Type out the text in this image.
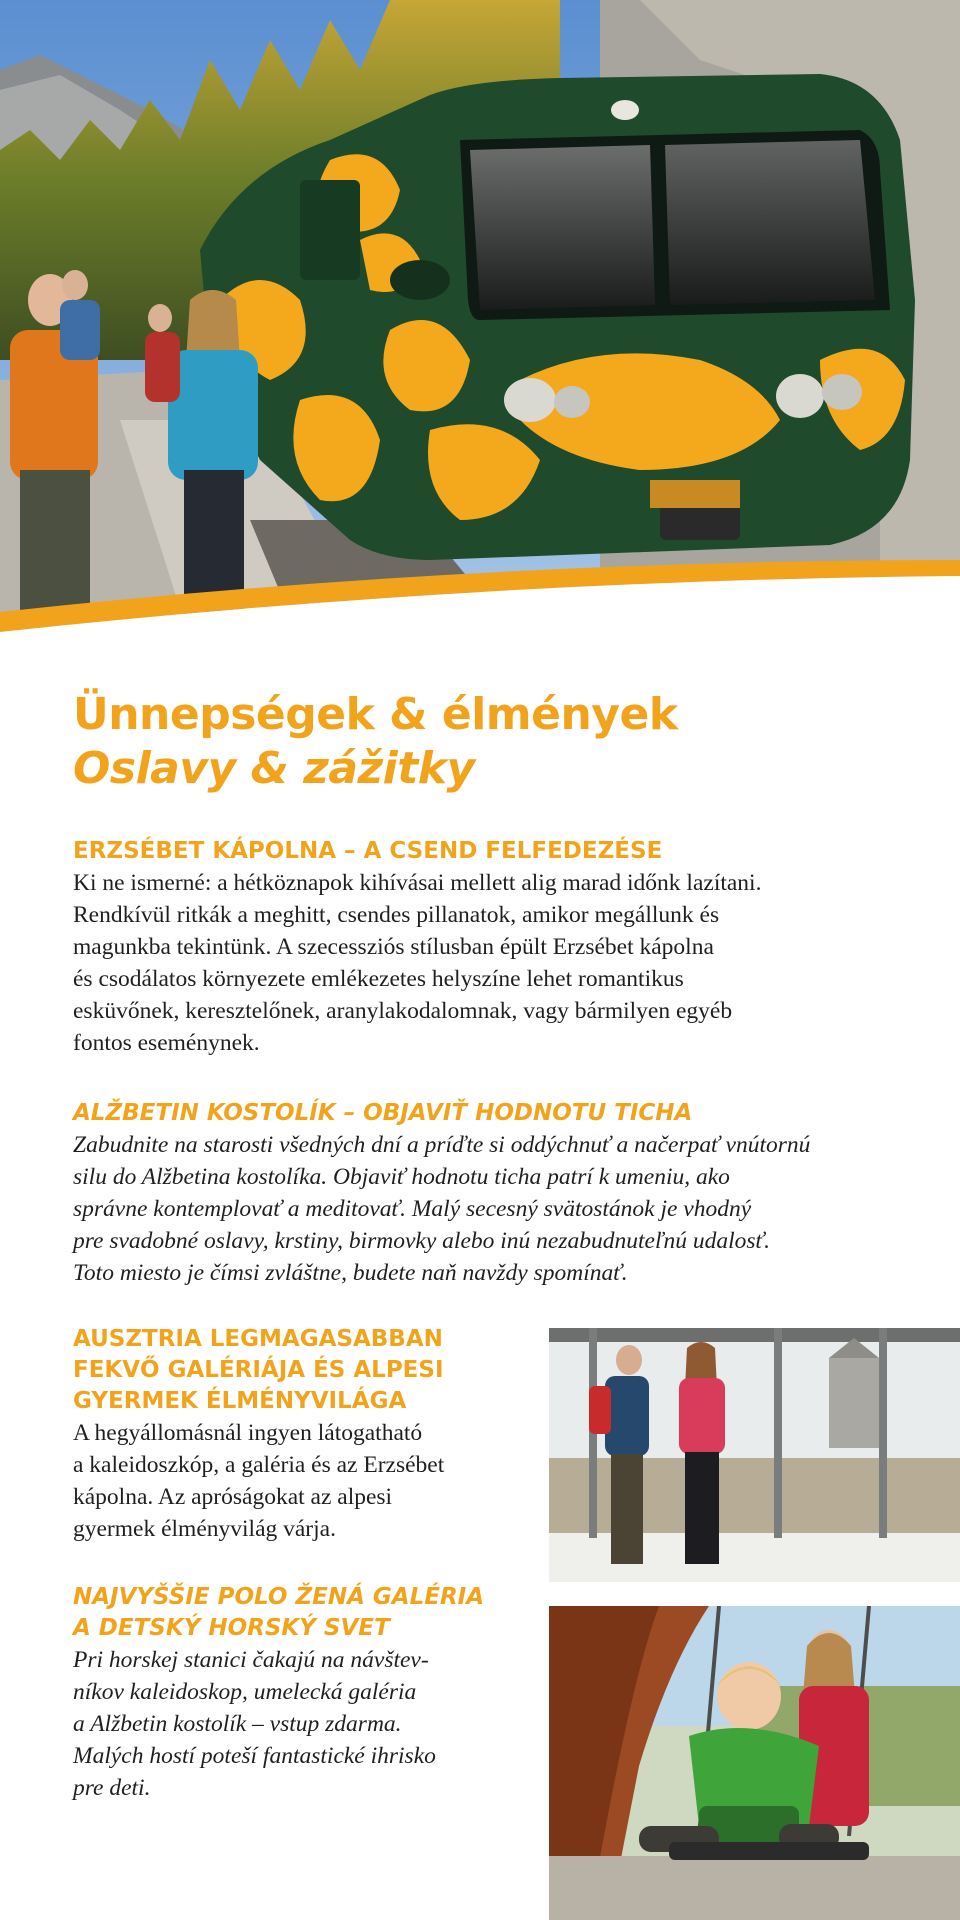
Ünnepségek & élmények
Oslavy & zážitky
ERZSÉBET KÁPOLNA – A CSEND FELFEDEZÉSE

Ki ne ismerné: a hétköznapok kihívásai mellett alig marad időnk lazítani.
Rendkívül ritkák a meghitt, csendes pillanatok, amikor megállunk és
magunkba tekintünk. A szecessziós stílusban épült Erzsébet kápolna
és csodálatos környezete emlékezetes helyszíne lehet romantikus
esküvőnek, keresztelőnek, aranylakodalomnak, vagy bármilyen egyéb
fontos eseménynek.

ALŽBETIN KOSTOLÍK – OBJAVIŤ HODNOTU TICHA

Zabudnite na starosti všedných dní a príďte si oddýchnuť a načerpať vnútornú
silu do Alžbetina kostolíka. Objaviť hodnotu ticha patrí k umeniu, ako
správne kontemplovať a meditovať. Malý secesný svätostánok je vhodný
pre svadobné oslavy, krstiny, birmovky alebo inú nezabudnuteľnú udalosť.
Toto miesto je čímsi zvláštne, budete naň navždy spomínať.

AUSZTRIA LEGMAGASABBAN
FEKVŐ GALÉRIÁJA ÉS ALPESI
GYERMEK ÉLMÉNYVILÁGA

A hegyállomásnál ingyen látogatható
a kaleidoszkóp, a galéria és az Erzsébet
kápolna. Az apróságokat az alpesi
gyermek élményvilág várja.

NAJVYŠŠIE POLO ŽENÁ GALÉRIA
A DETSKÝ HORSKÝ SVET

Pri horskej stanici čakajú na návštev-
níkov kaleidoskop, umelecká galéria
a Alžbetin kostolík – vstup zdarma.
Malých hostí poteší fantastické ihrisko
pre deti.
